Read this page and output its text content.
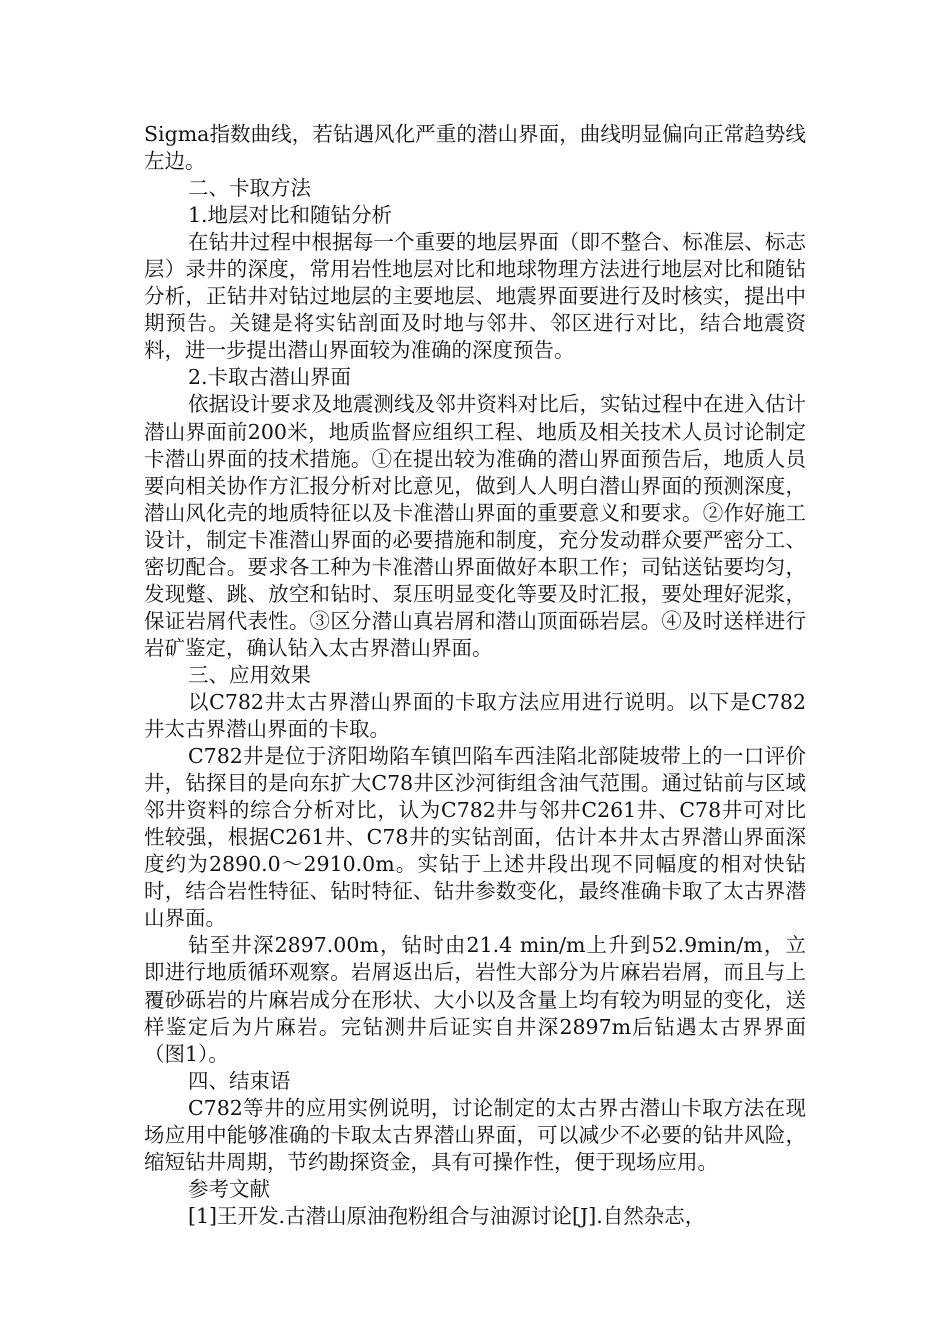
Sigma指数曲线，若钻遇风化严重的潜山界面，曲线明显偏向正常趋势线左边。

二、卡取方法

1.地层对比和随钻分析

在钻井过程中根据每一个重要的地层界面（即不整合、标准层、标志层）录井的深度，常用岩性地层对比和地球物理方法进行地层对比和随钻分析，正钻井对钻过地层的主要地层、地震界面要进行及时核实，提出中期预告。关键是将实钻剖面及时地与邻井、邻区进行对比，结合地震资料，进一步提出潜山界面较为准确的深度预告。

2.卡取古潜山界面

依据设计要求及地震测线及邻井资料对比后，实钻过程中在进入估计潜山界面前200米，地质监督应组织工程、地质及相关技术人员讨论制定卡潜山界面的技术措施。①在提出较为准确的潜山界面预告后，地质人员要向相关协作方汇报分析对比意见，做到人人明白潜山界面的预测深度，潜山风化壳的地质特征以及卡准潜山界面的重要意义和要求。②作好施工设计，制定卡准潜山界面的必要措施和制度，充分发动群众要严密分工、密切配合。要求各工种为卡准潜山界面做好本职工作；司钻送钻要均匀，发现蹩、跳、放空和钻时、泵压明显变化等要及时汇报，要处理好泥浆，保证岩屑代表性。③区分潜山真岩屑和潜山顶面砾岩层。④及时送样进行岩矿鉴定，确认钻入太古界潜山界面。

三、应用效果

以C782井太古界潜山界面的卡取方法应用进行说明。以下是C782井太古界潜山界面的卡取。

C782井是位于济阳坳陷车镇凹陷车西洼陷北部陡坡带上的一口评价井，钻探目的是向东扩大C78井区沙河街组含油气范围。通过钻前与区域邻井资料的综合分析对比，认为C782井与邻井C261井、C78井可对比性较强，根据C261井、C78井的实钻剖面，估计本井太古界潜山界面深度约为2890.0～2910.0m。实钻于上述井段出现不同幅度的相对快钻时，结合岩性特征、钻时特征、钻井参数变化，最终准确卡取了太古界潜山界面。

钻至井深2897.00m，钻时由21.4 min/m上升到52.9min/m，立即进行地质循环观察。岩屑返出后，岩性大部分为片麻岩岩屑，而且与上覆砂砾岩的片麻岩成分在形状、大小以及含量上均有较为明显的变化，送样鉴定后为片麻岩。完钻测井后证实自井深2897m后钻遇太古界界面（图1）。

四、结束语

C782等井的应用实例说明，讨论制定的太古界古潜山卡取方法在现场应用中能够准确的卡取太古界潜山界面，可以减少不必要的钻井风险，缩短钻井周期，节约勘探资金，具有可操作性，便于现场应用。

参考文献

[1]王开发.古潜山原油孢粉组合与油源讨论[J].自然杂志，
